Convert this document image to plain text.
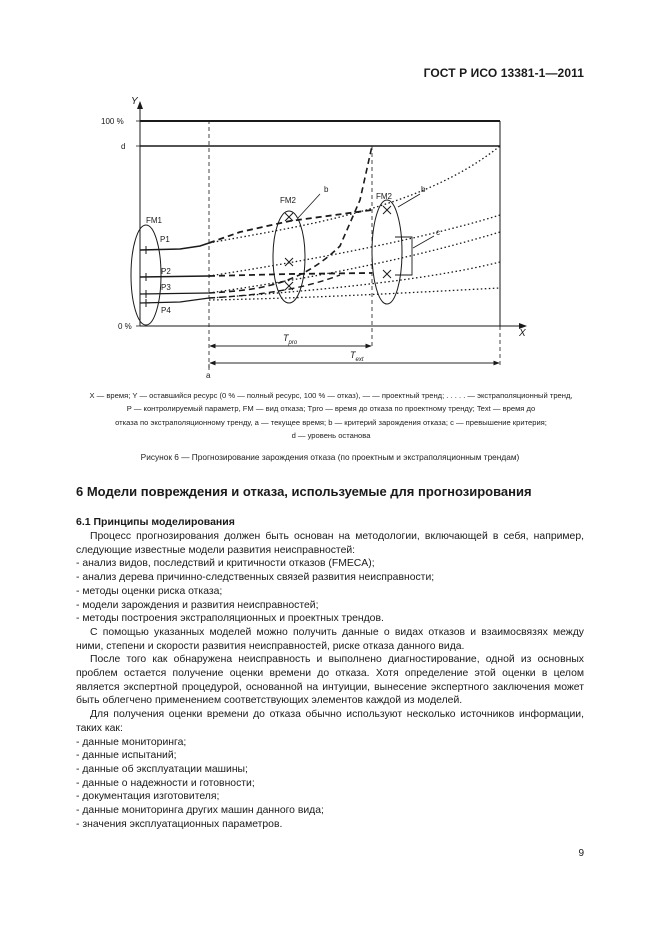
ГОСТ Р ИСО 13381-1—2011
Y
X
100 %
d
0 %
FM1
FM2	FM2
P1
P2
P3
P4
b	b
c
a
$T_{pro}$
$T_{ext}$
X — время; Y — оставшийся ресурс (0 % — полный ресурс, 100 % — отказ), — — проектный тренд; . . . . . — экстраполяционный тренд,
P — контролируемый параметр, FM — вид отказа; Tpro — время до отказа по проектному тренду; Text — время до
отказа по экстраполяционному тренду, a — текущее время; b — критерий зарождения отказа; c — превышение критерия;
d — уровень останова
Рисунок 6 — Прогнозирование зарождения отказа (по проектным и экстраполяционным трендам)
6 Модели повреждения и отказа, используемые для прогнозирования
6.1 Принципы моделирования

Процесс прогнозирования должен быть основан на методологии, включающей в себя, например, следующие известные модели развития неисправностей:

- анализ видов, последствий и критичности отказов (FMECA);
- анализ дерева причинно-следственных связей развития неисправности;
- методы оценки риска отказа;
- модели зарождения и развития неисправностей;
- методы построения экстраполяционных и проектных трендов.

С помощью указанных моделей можно получить данные о видах отказов и взаимосвязях между ними, степени и скорости развития неисправностей, риске отказа данного вида.

После того как обнаружена неисправность и выполнено диагностирование, одной из основных проблем остается получение оценки времени до отказа. Хотя определение этой оценки в целом является экспертной процедурой, основанной на интуиции, вынесение экспертного заключения может быть облегчено применением соответствующих элементов каждой из моделей.

Для получения оценки времени до отказа обычно используют несколько источников информации, таких как:

- данные мониторинга;
- данные испытаний;
- данные об эксплуатации машины;
- данные о надежности и готовности;
- документация изготовителя;
- данные мониторинга других машин данного вида;
- значения эксплуатационных параметров.
9
